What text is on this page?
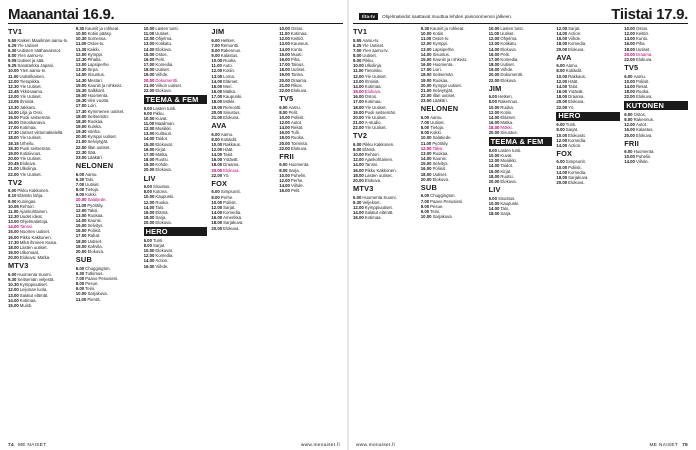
Maanantai 16.9.
TV1
5.55Kaiken Maailman aamu-tv.
6.25Yle Uutiset
6.30Uutisten säähavainnot.
8.00Ylen aamu-tv.
9.05Uutiset ja sää.
9.25Sanatarkka Japani.
10.00Ylen aamu-tv.
11.00Uutisilkainen.
12.00Tietopikka.
12.30Yle Uutiset.
12.45Ykkösaamu.
13.00Yle Uutiset.
13.05Ihmisiä.
13.30Jakkara.
14.00Lilja ja Ossi.
15.00Puoli seitsemän.
16.00Ostoskanava.
17.00Kotimaa.
17.30Uutiset viittomakielellä.
18.00Yle Uutiset.
18.15Urheilu.
18.30Puoli seitsemän.
19.00Kotisiivous.
20.00Yle Uutiset.
20.45Elokuva.
21.00Ulkolinja.
22.00Yle Uutiset.
TV2
6.00Pikku Kakkonen.
8.10Elämän lahja.
9.00Kuningas.
10.05Rehtori.
11.00Ajankohtainen.
12.30Uudet ideat.
13.00Ohjelmatietoja.
14.00Tanssi.
15.00Nuorten uutiset.
16.00Pikku Kakkonen.
17.30Mikä ihmeen Kaisa.
18.00Lasten uutiset.
19.00Ulkomaat.
20.00Elokuva: Matka.
MTV3
6.00Huomenta Suomi.
9.30Seitsemän veljestä.
10.30Kymppiuutiset.
12.00Leijonan luola.
13.00Salatut elämät.
14.00Kotimaa.
15.00Muisti.
9.30Kauniit ja rohkeat.
10.00Kotiin pääsy.
10.30Somessa.
11.00Ostos-tv.
11.30Kaikki.
12.00Kymppi.
12.30Pihalla.
13.00Lapsiperhe.
13.30Sirpa.
14.00Sisustus.
14.30Mestari.
15.00Kauniit ja rohkeat.
15.30Salkkarit.
16.00Huomenta.
16.30Viisi vuotta.
17.00Loiri.
17.30Kymmenen uutiset.
18.00Seitsemän.
18.30Ruokaa.
19.00Kuinka.
19.30Vanha.
20.00Kymppi uutiset.
21.00Selviytyjät.
22.00Illan uutiset.
22.30Sää.
23.00Lääkäri.
NELONEN
6.00Aamu.
6.30Talo.
7.00Uutiset.
8.00Tietoja.
9.00Kokki.
10.00Salatiede.
11.00Pyöräily.
12.00Taksi.
13.00Ruokaa.
14.00Kaunis.
15.00Selvitys.
16.00Poliisit.
17.00Rahat.
18.00Uutiset.
19.00Kahvila.
20.00Elokuva.
SUB
6.00Chuggington.
6.30Tutkimus.
7.00Paavo Pesusieni.
8.00Pesue.
9.00Teini.
10.00Sarjakuva.
11.00Pientä.
10.00Lasten tunti.
11.00Uutiset.
12.00Ohjelma.
13.00Kotikatu.
14.00Elokuva.
15.00Ostos.
16.00Pelit.
17.00Komedia.
18.00Uutiset.
19.00Viihde.
20.00Dokumentti.
21.00Viikon uutiset.
22.00Elokuva.
TEEMA & FEM
8.00Lasten tunti.
9.00Pikku.
10.00Kuvat.
11.00Maailman.
12.00Musiikki.
13.00Kulttuuri.
14.00Taidot.
15.00Elokuvat.
16.00Kirjat.
17.00Matka.
18.00Ruotsi.
19.00Kohde.
20.00Elokuva.
LIV
6.00Sisustus.
8.00Kotona.
10.00Kaupunki.
12.00Ruoka.
14.00Talo.
16.00Elämä.
18.00Sarja.
20.00Elokuva.
HERO
6.00Tunti.
8.00Sarjat.
10.00Elokuvat.
12.00Komedia.
14.00Action.
16.00Viihde.
JIM
6.00Hetken.
7.00Remontti.
8.00Rakennus.
9.00Kalastus.
10.00Ruoka.
11.00Auto.
12.00Kotiin.
13.00Loma.
14.00Eläimet.
15.00Meri.
16.00Matka.
17.00Kaupunki.
18.00Mökki.
19.00Remontti.
20.00Sisustus.
21.00Elokuva.
AVA
6.00Aamu.
8.00Kotiäidit.
10.00Rakkaus.
12.00Häät.
14.00Talot.
16.00Ystävät.
18.00Draama.
20.00Elokuva.
22.00Yö.
FOX
6.00Simpsonit.
8.00Perhe.
10.00Poliisit.
12.00Sarjat.
14.00Komedia.
16.00Amerikka.
18.00Sarjakuva.
20.00Elokuva.
10.00Ostos.
11.00Kotimaa.
12.00Keittiö.
13.00Kauneus.
14.00Kunto.
15.00Muoti.
16.00Piha.
17.00Talous.
18.00Uutiset.
19.00Tarina.
20.00Draama.
21.00Rikos.
22.00Elokuva.
TV5
6.00Aamu.
8.00Pelit.
10.00Poliisit.
12.00Autot.
14.00Rekat.
16.00Tulli.
18.00Ruoka.
20.00Toiminta.
22.00Elokuva.
FRII
6.00Huomenta.
8.00Sarja.
10.00Puhelin.
12.00Perhe.
14.00Viihde.
16.00Pelit.
74 ME NAISET	www.menaiset.fi
Ilta-tv	Ohjelmatiedot saattavat muuttua lehden painoonmenon jälkeen.	Tiistai 17.9.
TV1
5.55Aamu-tv.
6.25Yle Uutiset.
7.00Ylen aamu-tv.
8.00Uutiset.
9.00Pikku.
10.00Ulkolinja.
11.00Tietoisku.
12.00Yle Uutiset.
13.00Ihmisiä.
14.00Kotimaa.
15.00Elokuva.
16.00Ostos.
17.00Kotimaa.
18.00Yle Uutiset.
19.00Puoli seitsemän.
20.00Yle Uutiset.
21.00A-studio.
22.00Yle Uutiset.
TV2
6.00Pikku Kakkonen.
8.00Elämä.
10.00Rehtori.
12.00Ajankohtainen.
14.00Tanssi.
16.00Pikku Kakkonen.
18.00Lasten uutiset.
20.00Elokuva.
MTV3
6.00Huomenta Suomi.
9.30Veljekset.
12.00Kymppiuutiset.
14.00Salatut elämät.
16.00Kotimaa.
9.30Kauniit ja rohkeat.
10.00Kotiin.
11.00Ostos-tv.
12.00Kymppi.
13.00Lapsiperhe.
14.00Sisustus.
15.00Kauniit ja rohkeat.
16.00Huomenta.
17.00Loiri.
18.00Seitsemän.
19.00Ruokaa.
20.00Kymppi uutiset.
21.00Selviytyjät.
22.00Illan uutiset.
23.00Lääkäri.
NELONEN
6.00Aamu.
7.00Uutiset.
8.00Tietoja.
9.00Kokki.
10.00Salatiede.
11.00Pyöräily.
12.00Taksi.
13.00Ruokaa.
14.00Kaunis.
15.00Selvitys.
16.00Poliisit.
18.00Uutiset.
20.00Elokuva.
SUB
6.00Chuggington.
7.00Paavo Pesusieni.
8.00Pesue.
9.00Teini.
10.00Sarjakuva.
10.00Lasten tunti.
11.00Uutiset.
12.00Ohjelma.
13.00Kotikatu.
14.00Elokuva.
16.00Pelit.
17.00Komedia.
18.00Uutiset.
19.00Viihde.
20.00Dokumentti.
22.00Elokuva.
JIM
6.00Hetken.
8.00Rakennus.
10.00Ruoka.
12.00Kotiin.
14.00Eläimet.
16.00Matka.
18.00Mökki.
20.00Sisustus.
TEEMA & FEM
8.00Lasten tunti.
10.00Kuvat.
12.00Musiikki.
14.00Taidot.
16.00Kirjat.
18.00Ruotsi.
20.00Elokuva.
LIV
6.00Sisustus.
10.00Kaupunki.
14.00Talo.
18.00Sarja.
12.00Sarjat.
14.00Action.
16.00Viihde.
18.00Komedia.
20.00Elokuva.
AVA
6.00Aamu.
8.00Kotiäidit.
10.00Rakkaus.
12.00Häät.
14.00Talot.
16.00Ystävät.
18.00Draama.
20.00Elokuva.
22.00Yö.
HERO
6.00Tunti.
8.00Sarjat.
10.00Elokuvat.
12.00Komedia.
14.00Action.
FOX
6.00Simpsonit.
10.00Poliisit.
14.00Komedia.
18.00Sarjakuva.
20.00Elokuva.
10.00Ostos.
12.00Keittiö.
14.00Kunto.
16.00Piha.
18.00Uutiset.
20.00Draama.
22.00Elokuva.
TV5
6.00Aamu.
10.00Poliisit.
14.00Rekat.
18.00Ruoka.
22.00Elokuva.
KUTONEN
6.00Ostos.
8.00Rakennus.
12.00Autot.
16.00Kalastus.
20.00Elokuva.
FRII
6.00Huomenta.
10.00Puhelin.
14.00Viihde.
www.menaiset.fi	ME NAISET 75
